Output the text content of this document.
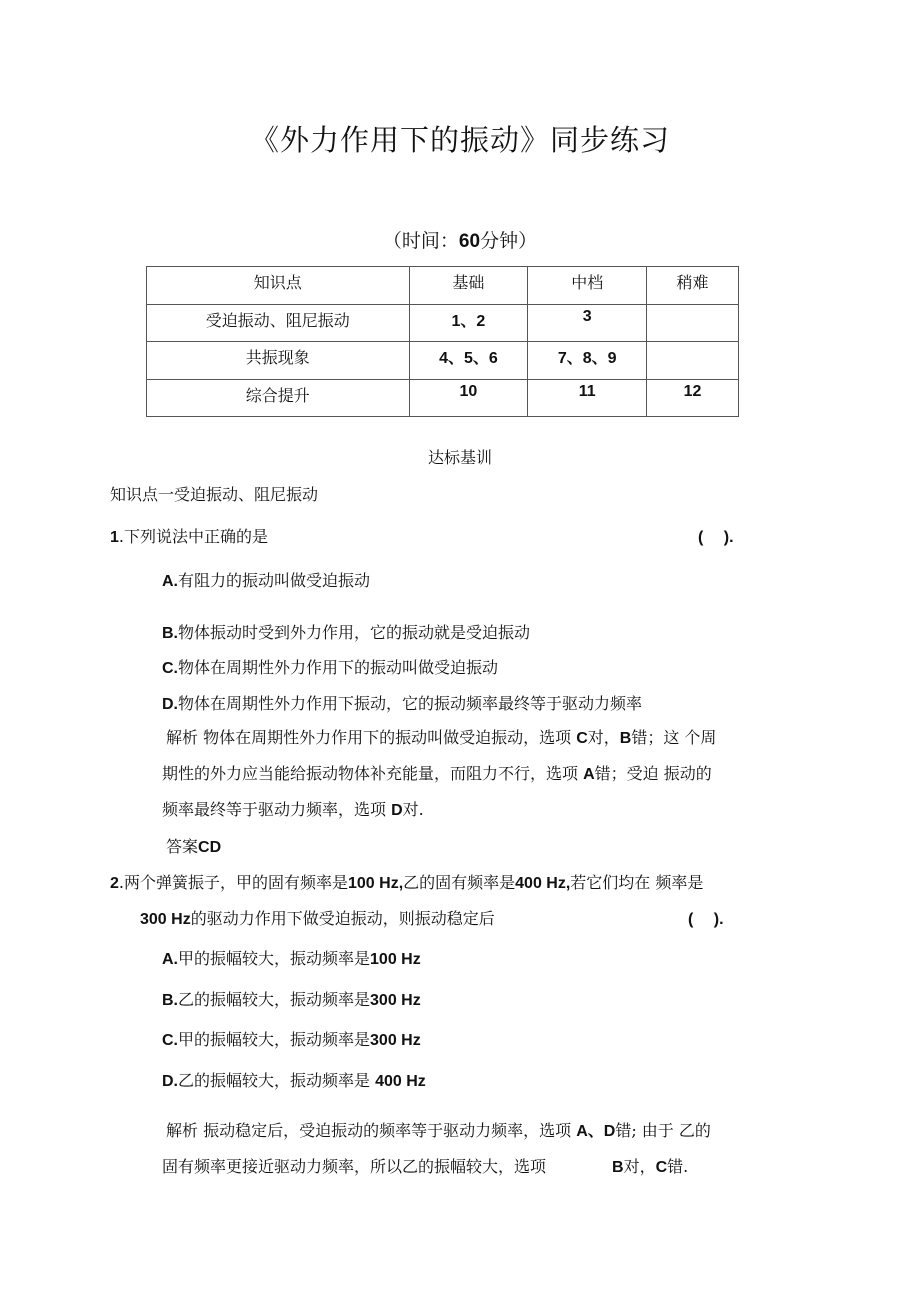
《外力作用下的振动》同步练习
（时间：60分钟）
知识点	基础	中档	稍难
受迫振动、阻尼振动	1、2	3	
共振现象	4、5、6	7、8、9	
综合提升	10	11	12
达标基训
知识点一受迫振动、阻尼振动
1.下列说法中正确的是	(　 ).
A.有阻力的振动叫做受迫振动
B.物体振动时受到外力作用，它的振动就是受迫振动
C.物体在周期性外力作用下的振动叫做受迫振动
D.物体在周期性外力作用下振动，它的振动频率最终等于驱动力频率
解析 物体在周期性外力作用下的振动叫做受迫振动，选项 C对，B错；这 个周
期性的外力应当能给振动物体补充能量，而阻力不行，选项 A错；受迫 振动的
频率最终等于驱动力频率，选项 D对.
答案CD
2.两个弹簧振子，甲的固有频率是100 Hz,乙的固有频率是400 Hz,若它们均在 频率是
300 Hz的驱动力作用下做受迫振动，则振动稳定后	(　 ).
A.甲的振幅较大，振动频率是100 Hz
B.乙的振幅较大，振动频率是300 Hz
C.甲的振幅较大，振动频率是300 Hz
D.乙的振幅较大，振动频率是 400 Hz
解析 振动稳定后，受迫振动的频率等于驱动力频率，选项 A、D错; 由于 乙的
固有频率更接近驱动力频率，所以乙的振幅较大，选项	B对，C错.
